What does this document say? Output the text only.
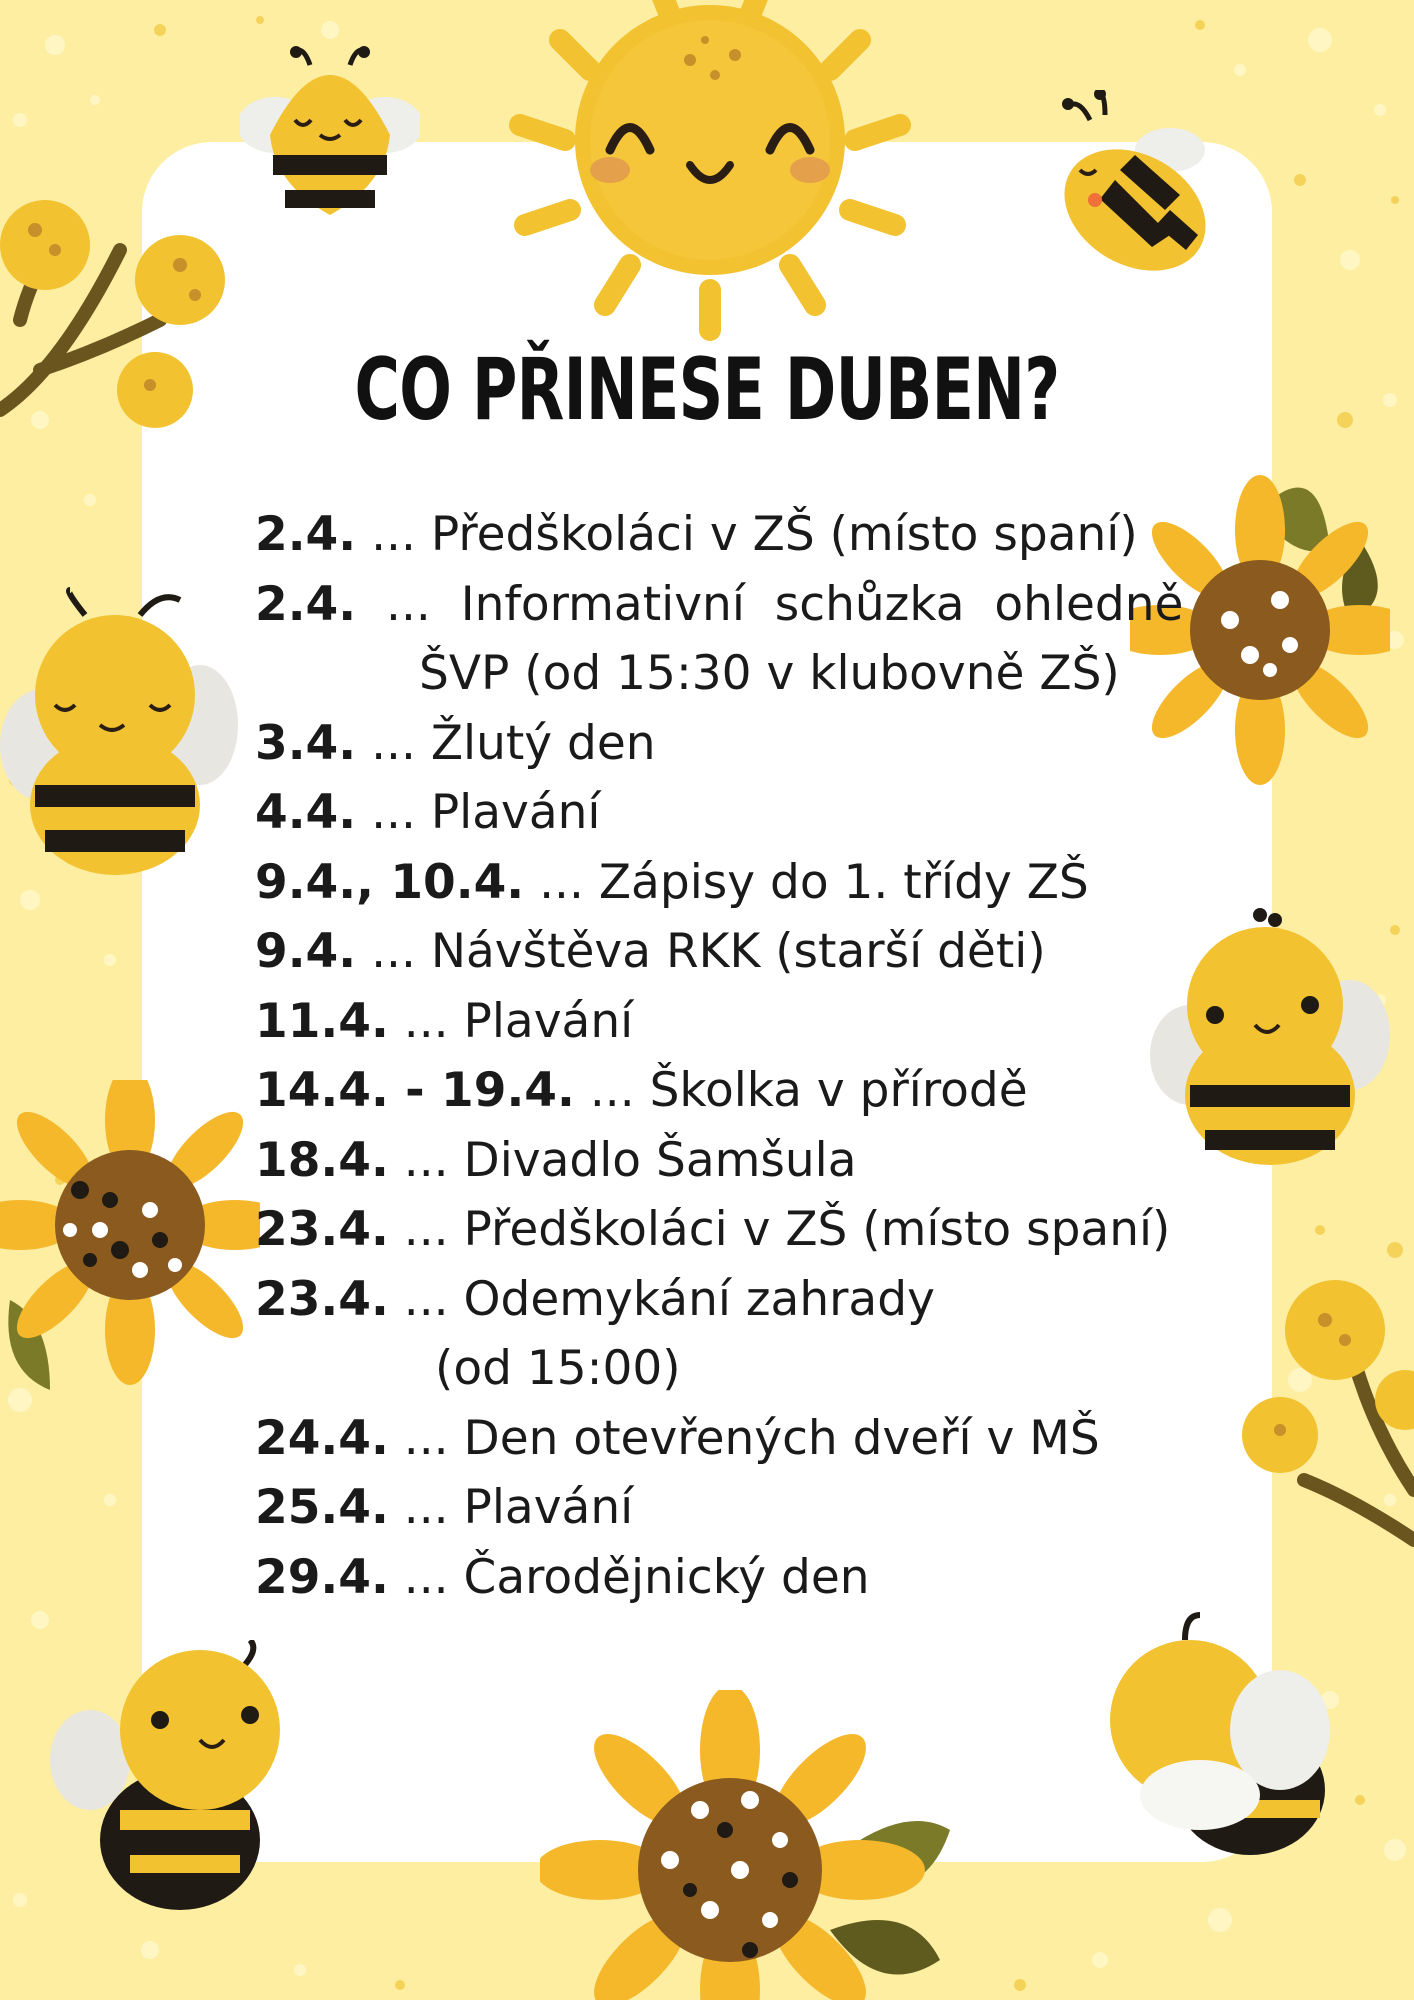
CO PŘINESE DUBEN?
2.4. ... Předškoláci v ZŠ (místo spaní)
2.4.  ...  Informativní  schůzka  ohledně
ŠVP (od 15:30 v klubovně ZŠ)
3.4. ... Žlutý den
4.4. ... Plavání
9.4., 10.4. ... Zápisy do 1. třídy ZŠ
9.4. ... Návštěva RKK (starší děti)
11.4. ... Plavání
14.4. - 19.4. ... Školka v přírodě
18.4. ... Divadlo Šamšula
23.4. ... Předškoláci v ZŠ (místo spaní)
23.4. ... Odemykání zahrady
(od 15:00)
24.4. ... Den otevřených dveří v MŠ
25.4. ... Plavání
29.4. ... Čarodějnický den
